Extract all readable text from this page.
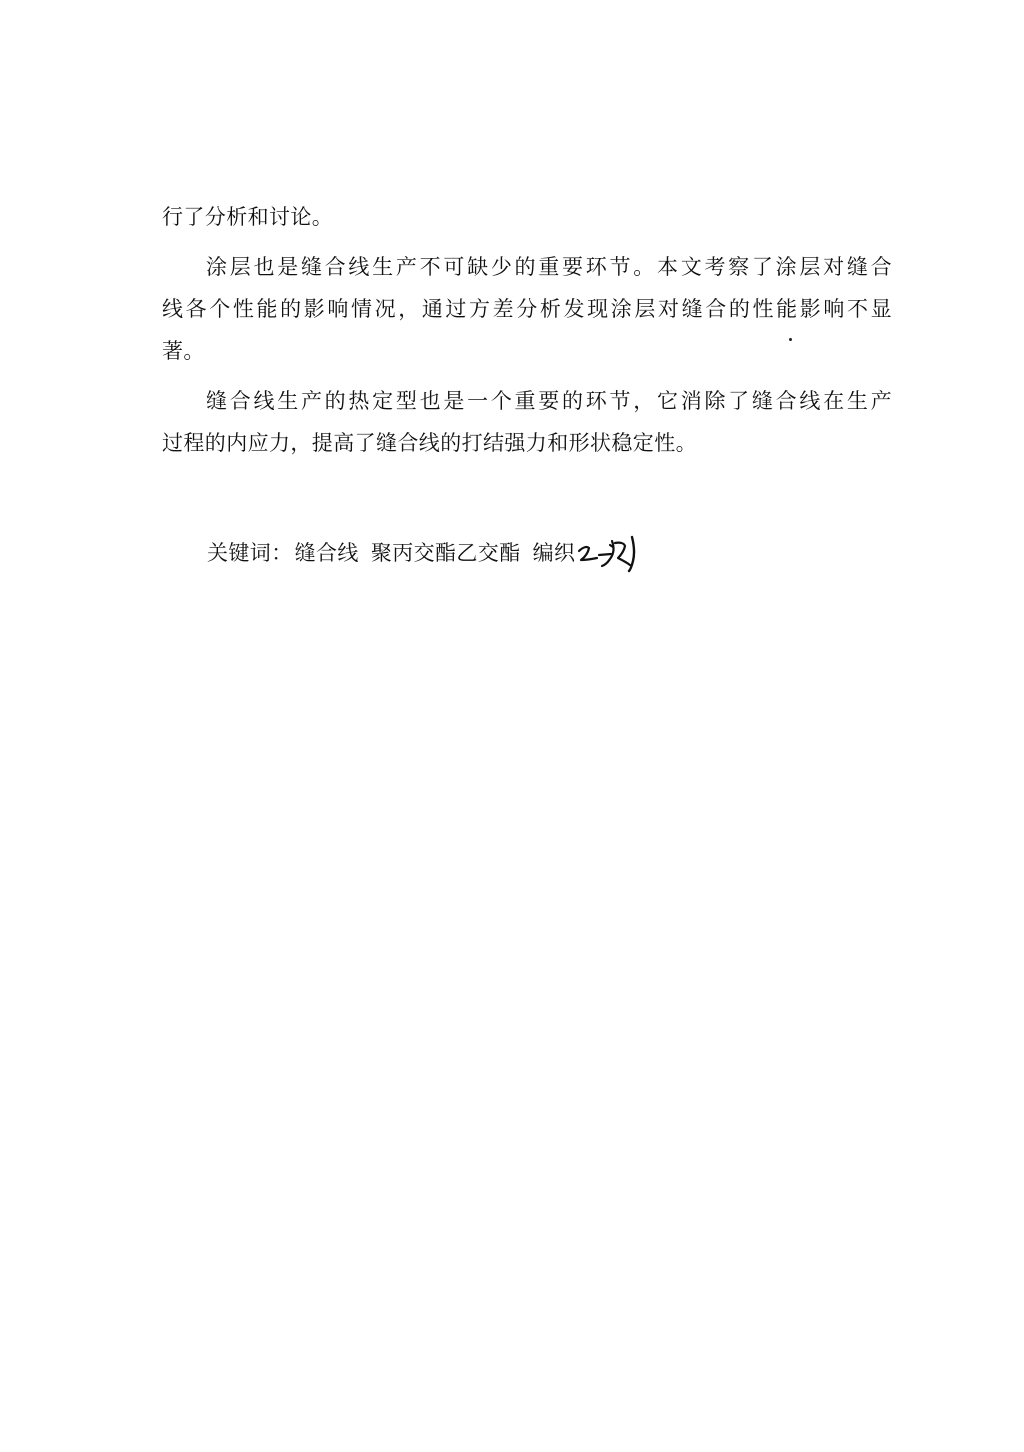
行了分析和讨论。
涂层也是缝合线生产不可缺少的重要环节。本文考察了涂层对缝合
线各个性能的影响情况，通过方差分析发现涂层对缝合的性能影响不显
著。
缝合线生产的热定型也是一个重要的环节，它消除了缝合线在生产
过程的内应力，提高了缝合线的打结强力和形状稳定性。
关键词： 缝合线 聚丙交酯乙交酯 编织
